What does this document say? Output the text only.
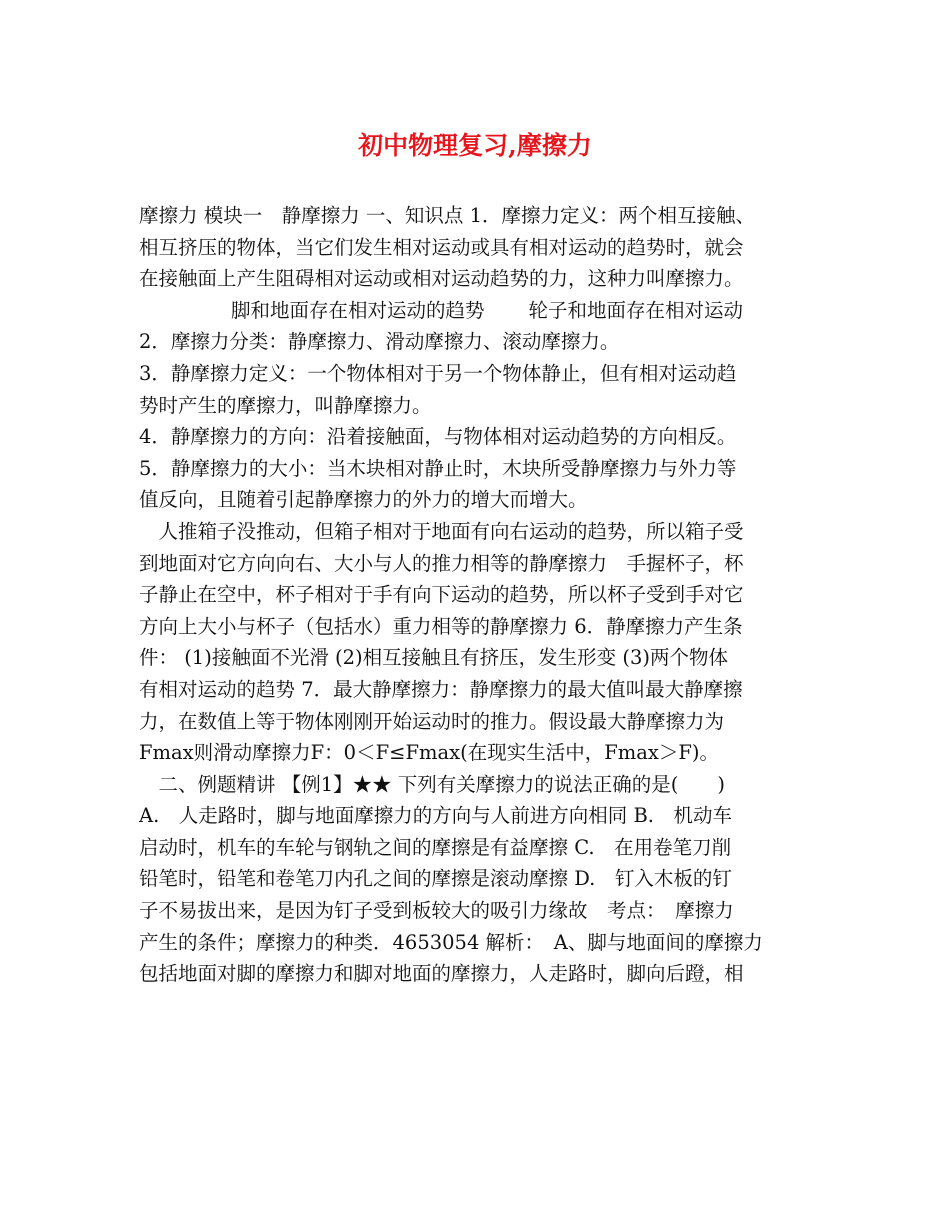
初中物理复习,摩擦力
摩擦力 模块一　静摩擦力 一、知识点 1．摩擦力定义：两个相互接触、
相互挤压的物体，当它们发生相对运动或具有相对运动的趋势时，就会
在接触面上产生阻碍相对运动或相对运动趋势的力，这种力叫摩擦力。
脚和地面存在相对运动的趋势 轮子和地面存在相对运动
2．摩擦力分类：静摩擦力、滑动摩擦力、滚动摩擦力。
3．静摩擦力定义：一个物体相对于另一个物体静止，但有相对运动趋
势时产生的摩擦力，叫静摩擦力。
4．静摩擦力的方向：沿着接触面，与物体相对运动趋势的方向相反。
5．静摩擦力的大小：当木块相对静止时，木块所受静摩擦力与外力等
值反向，且随着引起静摩擦力的外力的增大而增大。
　人推箱子没推动，但箱子相对于地面有向右运动的趋势，所以箱子受
到地面对它方向向右、大小与人的推力相等的静摩擦力　手握杯子，杯
子静止在空中，杯子相对于手有向下运动的趋势，所以杯子受到手对它
方向上大小与杯子（包括水）重力相等的静摩擦力 6．静摩擦力产生条
件： (1)接触面不光滑 (2)相互接触且有挤压，发生形变 (3)两个物体
有相对运动的趋势 7．最大静摩擦力：静摩擦力的最大值叫最大静摩擦
力，在数值上等于物体刚刚开始运动时的推力。假设最大静摩擦力为
Fmax则滑动摩擦力F：0＜F≤Fmax(在现实生活中，Fmax＞F)。
　二、例题精讲 【例1】★★ 下列有关摩擦力的说法正确的是(　　)
A.　人走路时，脚与地面摩擦力的方向与人前进方向相同 B.　机动车
启动时，机车的车轮与钢轨之间的摩擦是有益摩擦 C.　在用卷笔刀削
铅笔时，铅笔和卷笔刀内孔之间的摩擦是滚动摩擦 D.　钉入木板的钉
子不易拔出来，是因为钉子受到板较大的吸引力缘故　考点：　摩擦力
产生的条件；摩擦力的种类．4653054 解析：　A、脚与地面间的摩擦力
包括地面对脚的摩擦力和脚对地面的摩擦力，人走路时，脚向后蹬，相
